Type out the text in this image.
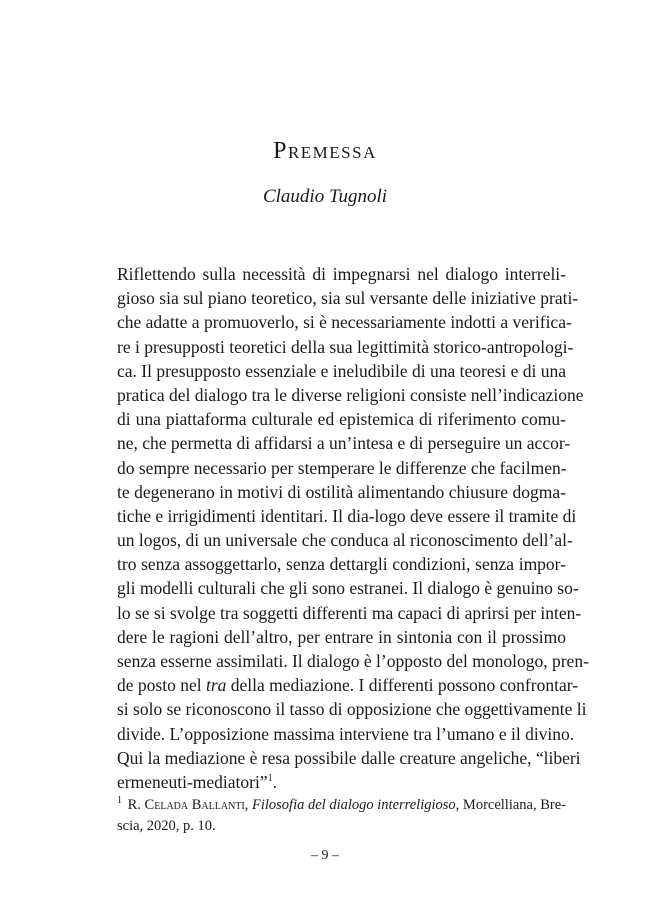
Premessa
Claudio Tugnoli
Riflettendo sulla necessità di impegnarsi nel dialogo interreli-
gioso sia sul piano teoretico, sia sul versante delle iniziative prati-
che adatte a promuoverlo, si è necessariamente indotti a verifica-
re i presupposti teoretici della sua legittimità storico-antropologi-
ca. Il presupposto essenziale e ineludibile di una teoresi e di una
pratica del dialogo tra le diverse religioni consiste nell’indicazione
di una piattaforma culturale ed epistemica di riferimento comu-
ne, che permetta di affidarsi a un’intesa e di perseguire un accor-
do sempre necessario per stemperare le differenze che facilmen-
te degenerano in motivi di ostilità alimentando chiusure dogma-
tiche e irrigidimenti identitari. Il dia-logo deve essere il tramite di
un logos, di un universale che conduca al riconoscimento dell’al-
tro senza assoggettarlo, senza dettargli condizioni, senza impor-
gli modelli culturali che gli sono estranei. Il dialogo è genuino so-
lo se si svolge tra soggetti differenti ma capaci di aprirsi per inten-
dere le ragioni dell’altro, per entrare in sintonia con il prossimo
senza esserne assimilati. Il dialogo è l’opposto del monologo, pren-
de posto nel tra della mediazione. I differenti possono confrontar-
si solo se riconoscono il tasso di opposizione che oggettivamente li
divide. L’opposizione massima interviene tra l’umano e il divino.
Qui la mediazione è resa possibile dalle creature angeliche, “liberi
ermeneuti-mediatori”$^1$.
$^1$ R. Celada Ballanti, Filosofia del dialogo interreligioso, Morcelliana, Bre-
scia, 2020, p. 10.
– 9 –
